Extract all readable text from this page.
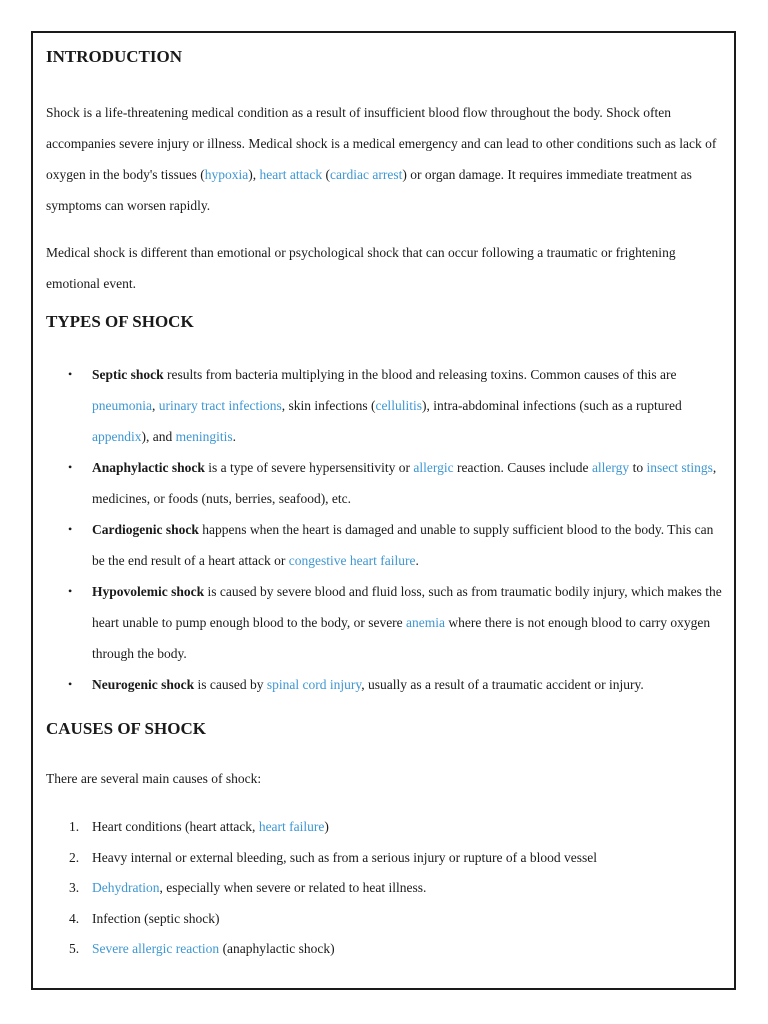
INTRODUCTION

Shock is a life-threatening medical condition as a result of insufficient blood flow throughout the body. Shock often accompanies severe injury or illness. Medical shock is a medical emergency and can lead to other conditions such as lack of oxygen in the body's tissues (hypoxia), heart attack (cardiac arrest) or organ damage. It requires immediate treatment as symptoms can worsen rapidly.

Medical shock is different than emotional or psychological shock that can occur following a traumatic or frightening emotional event.

TYPES OF SHOCK
• Septic shock results from bacteria multiplying in the blood and releasing toxins. Common causes of this are pneumonia, urinary tract infections, skin infections (cellulitis), intra-abdominal infections (such as a ruptured appendix), and meningitis.
• Anaphylactic shock is a type of severe hypersensitivity or allergic reaction. Causes include allergy to insect stings, medicines, or foods (nuts, berries, seafood), etc.
• Cardiogenic shock happens when the heart is damaged and unable to supply sufficient blood to the body. This can be the end result of a heart attack or congestive heart failure.
• Hypovolemic shock is caused by severe blood and fluid loss, such as from traumatic bodily injury, which makes the heart unable to pump enough blood to the body, or severe anemia where there is not enough blood to carry oxygen through the body.
• Neurogenic shock is caused by spinal cord injury, usually as a result of a traumatic accident or injury.
CAUSES OF SHOCK

There are several main causes of shock:

1. Heart conditions (heart attack, heart failure)
2. Heavy internal or external bleeding, such as from a serious injury or rupture of a blood vessel
3. Dehydration, especially when severe or related to heat illness.
4. Infection (septic shock)
5. Severe allergic reaction (anaphylactic shock)
